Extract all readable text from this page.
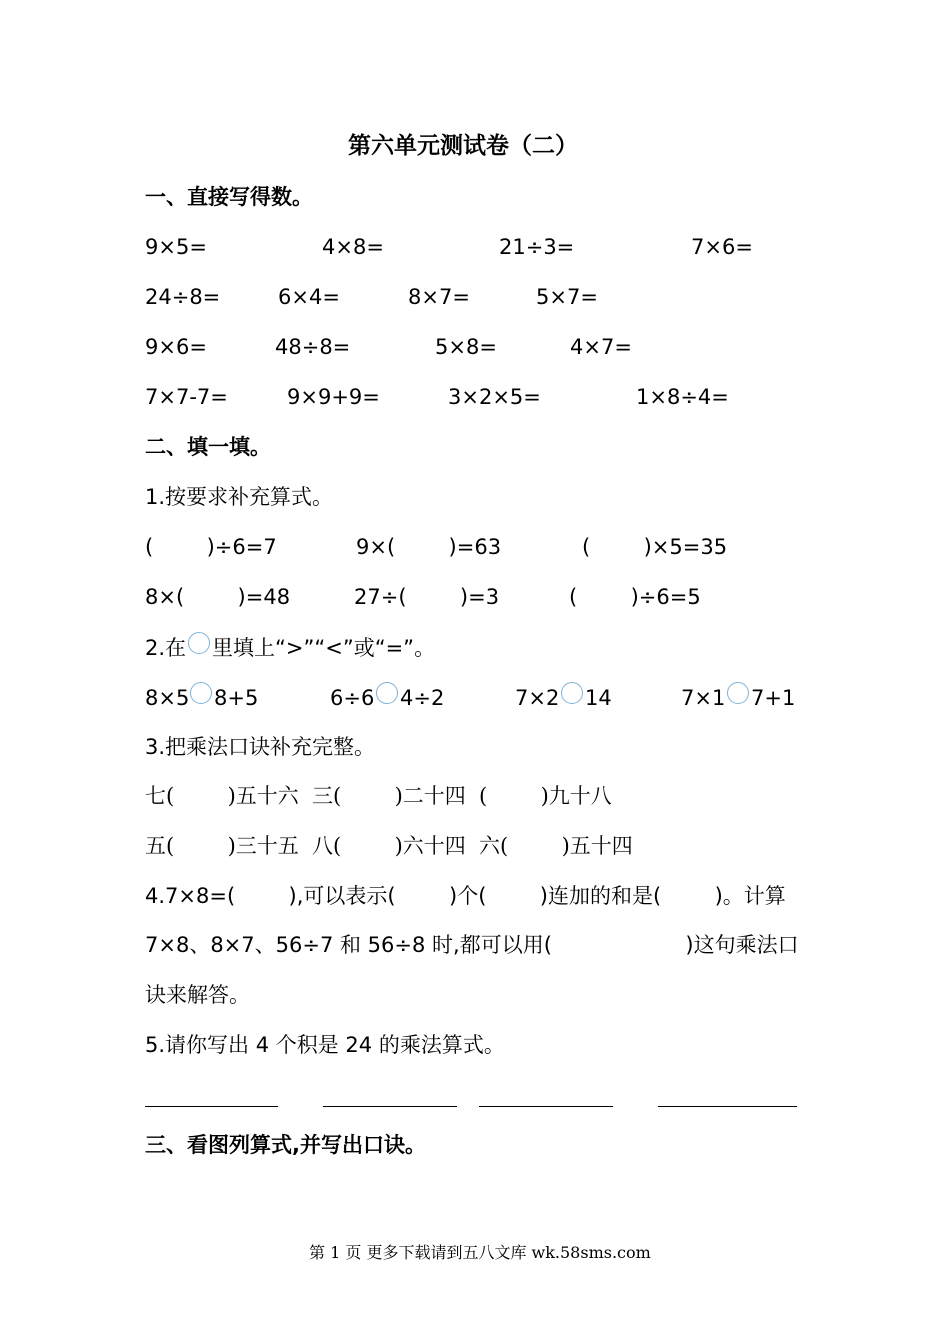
第六单元测试卷（二）
一、直接写得数。
9×5=	4×8=	21÷3=	7×6=
24÷8=	6×4=	8×7=	5×7=
9×6=	48÷8=	5×8=	4×7=
7×7-7=	9×9+9=	3×2×5=	1×8÷4=
二、填一填。
1.按要求补充算式。
(        )÷6=7	9×(        )=63	(        )×5=35
8×(        )=48	27÷(        )=3	(        )÷6=5
2.在 里填上“>”“<”或“=”。
8×5 8+5	6÷6 4÷2	7×2 14	7×1 7+1
3.把乘法口诀补充完整。
七(        )五十六 三(        )二十四 (        )九十八
五(        )三十五 八(        )六十四 六(        )五十四
4.7×8=(        ),可以表示(        )个(        )连加的和是(        )。计算
7×8、8×7、56÷7 和 56÷8 时,都可以用(                    )这句乘法口
诀来解答。
5.请你写出 4 个积是 24 的乘法算式。
三、看图列算式,并写出口诀。
第 1 页 更多下载请到五八文库 wk.58sms.com
